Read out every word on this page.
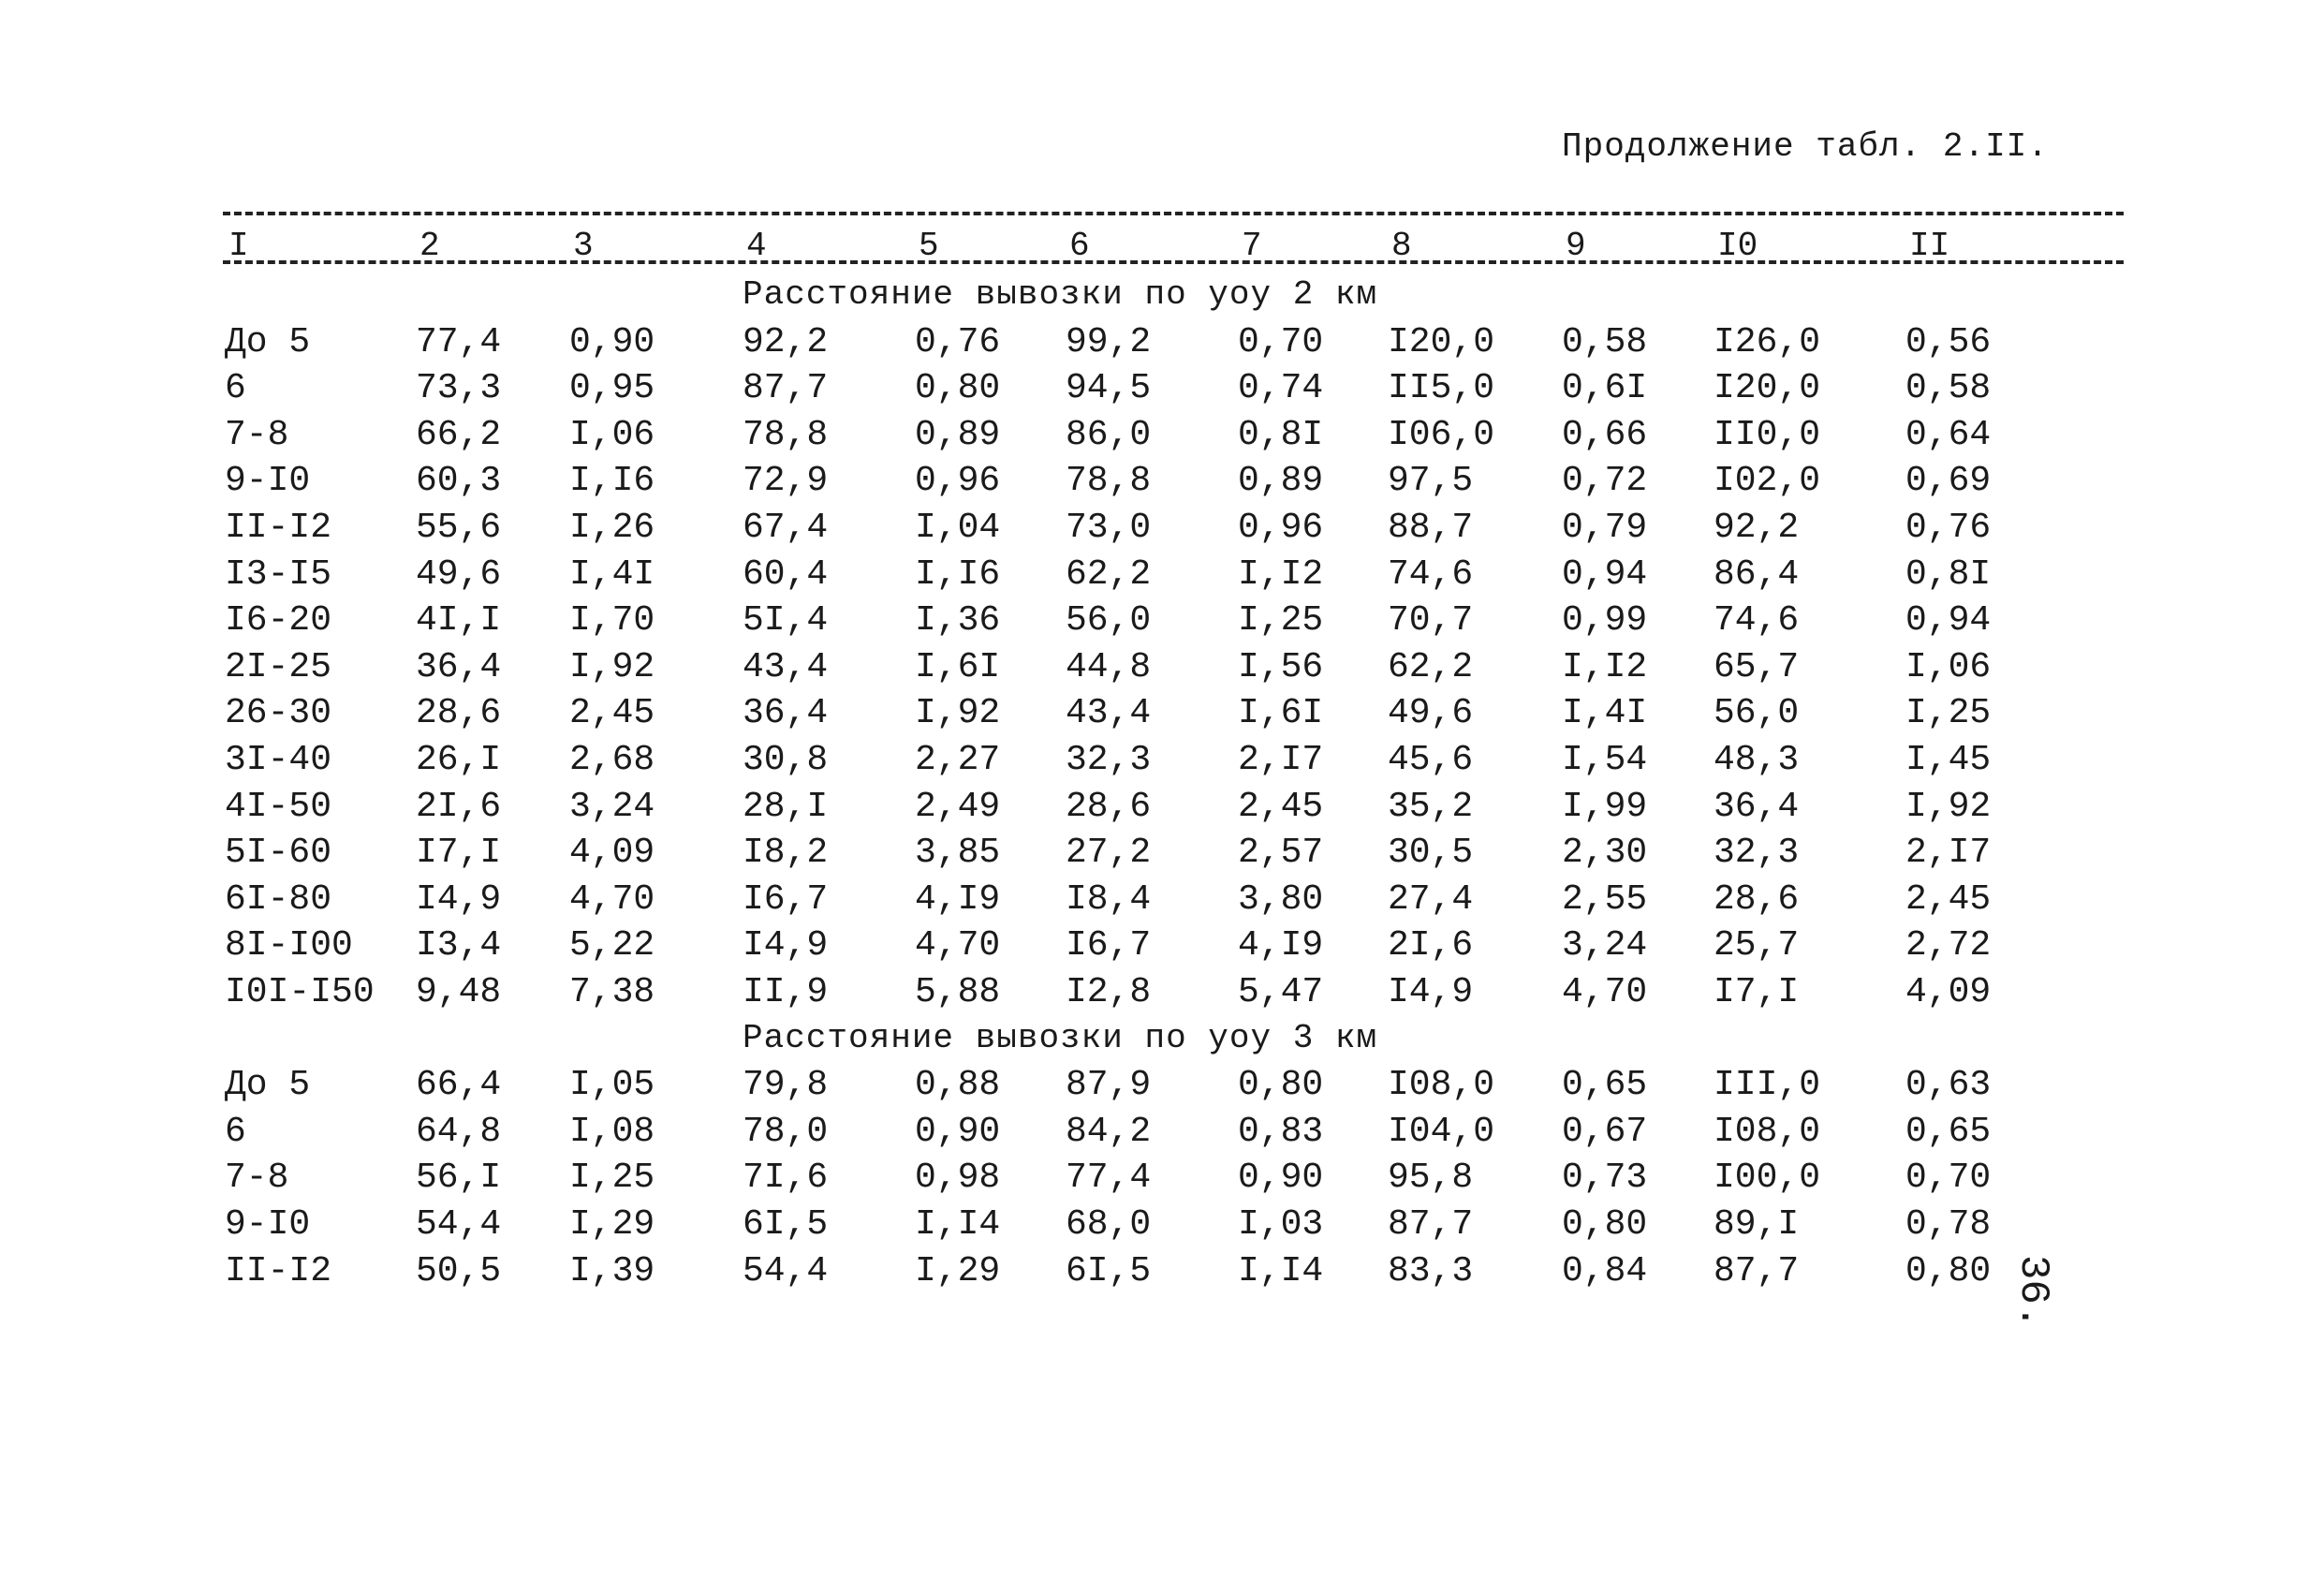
Продолжение табл. 2.II.
I	2	3	4	5	6	7	8	9	I0	II
Расстояние вывозки по уоу 2 км
До 5	77,4 0,90 92,2 0,76 99,2 0,70 I20,0 0,58 I26,0 0,56
6	73,3 0,95 87,7 0,80 94,5 0,74 II5,0 0,6I I20,0 0,58
7-8	66,2 I,06 78,8 0,89 86,0 0,8I I06,0 0,66 II0,0 0,64
9-I0	60,3 I,I6 72,9 0,96 78,8 0,89 97,5 0,72 I02,0 0,69
II-I2 55,6 I,26 67,4 I,04 73,0 0,96 88,7 0,79 92,2	0,76
I3-I5 49,6 I,4I 60,4 I,I6 62,2 I,I2 74,6 0,94 86,4	0,8I
I6-20 4I,I I,70 5I,4 I,36 56,0 I,25 70,7 0,99 74,6	0,94
2I-25 36,4 I,92 43,4 I,6I 44,8 I,56 62,2 I,I2 65,7	I,06
26-30 28,6 2,45 36,4 I,92 43,4 I,6I 49,6 I,4I 56,0	I,25
3I-40 26,I 2,68 30,8 2,27 32,3 2,I7 45,6 I,54 48,3	I,45
4I-50 2I,6 3,24 28,I 2,49 28,6 2,45 35,2 I,99 36,4	I,92
5I-60 I7,I 4,09 I8,2 3,85 27,2 2,57 30,5 2,30 32,3	2,I7
6I-80 I4,9 4,70 I6,7 4,I9 I8,4 3,80 27,4 2,55 28,6	2,45
8I-I00 I3,4 5,22 I4,9 4,70 I6,7 4,I9 2I,6 3,24 25,7	2,72
I0I-I50 9,48 7,38 II,9 5,88 I2,8 5,47 I4,9 4,70 I7,I	4,09
Расстояние вывозки по уоу 3 км
До 5	66,4 I,05 79,8 0,88 87,9 0,80 I08,0 0,65 III,0 0,63
6	64,8 I,08 78,0 0,90 84,2 0,83 I04,0 0,67 I08,0 0,65
7-8	56,I I,25 7I,6 0,98 77,4 0,90 95,8 0,73 I00,0 0,70
9-I0	54,4 I,29 6I,5 I,I4 68,0 I,03 87,7 0,80 89,I	0,78
II-I2 50,5 I,39 54,4 I,29 6I,5 I,I4 83,3 0,84 87,7	0,80 36.
